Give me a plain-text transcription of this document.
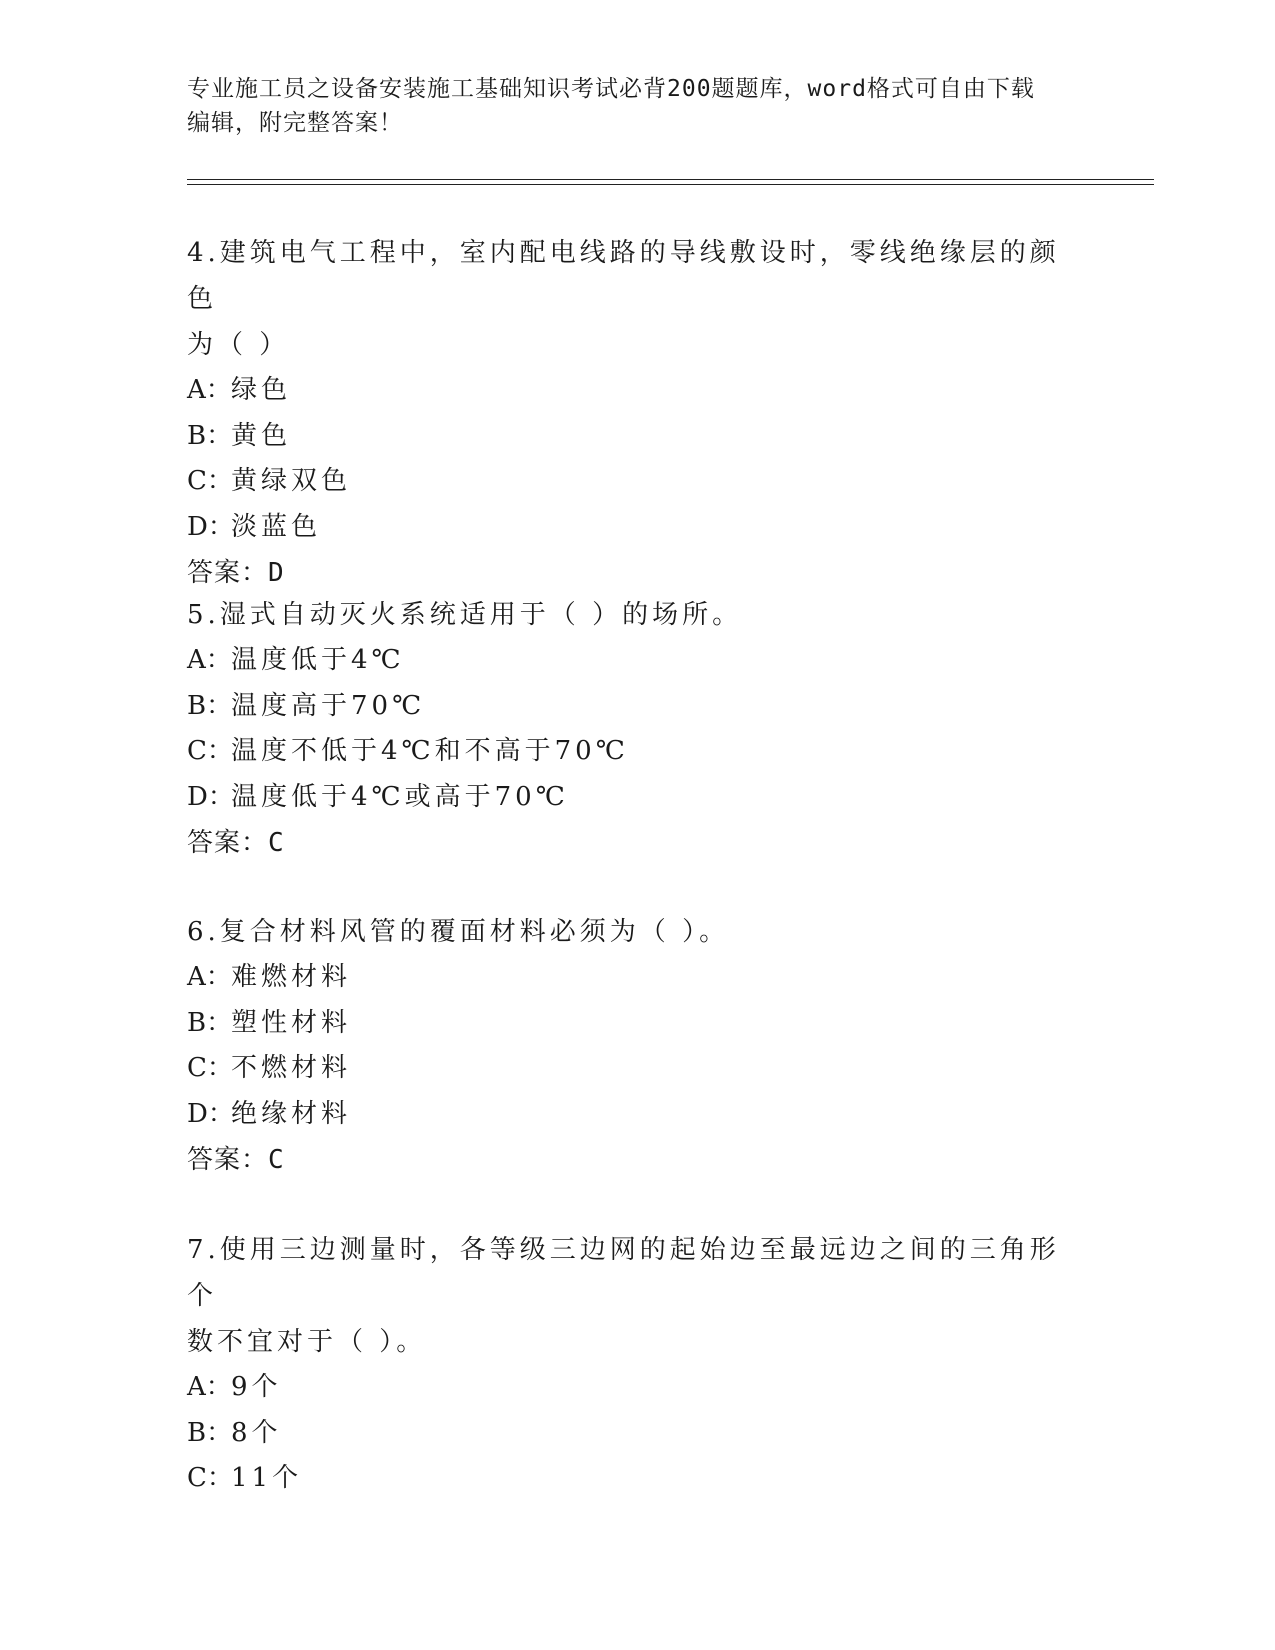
专业施工员之设备安装施工基础知识考试必背200题题库，word格式可自由下载
编辑，附完整答案！
4.建筑电气工程中，室内配电线路的导线敷设时，零线绝缘层的颜色
为（ ）
A：绿色
B：黄色
C：黄绿双色
D：淡蓝色
答案：D
5.湿式自动灭火系统适用于（ ）的场所。
A：温度低于4℃
B：温度高于70℃
C：温度不低于4℃和不高于70℃
D：温度低于4℃或高于70℃
答案：C
6.复合材料风管的覆面材料必须为（ ）。
A：难燃材料
B：塑性材料
C：不燃材料
D：绝缘材料
答案：C
7.使用三边测量时，各等级三边网的起始边至最远边之间的三角形个
数不宜对于（ ）。
A：9个
B：8个
C：11个
